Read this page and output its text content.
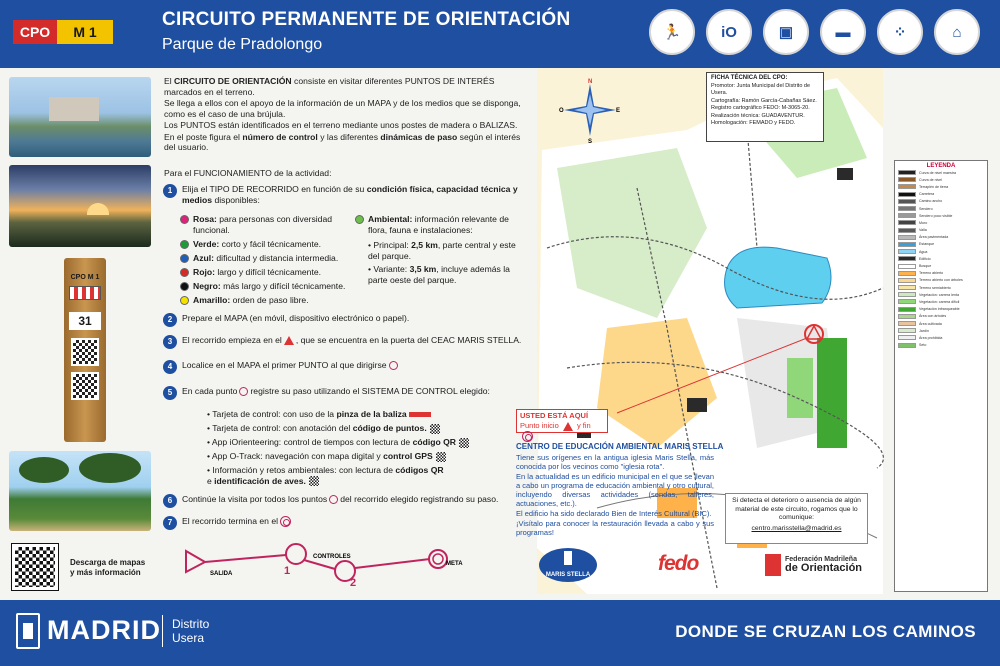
CPO	M 1
CIRCUITO PERMANENTE DE ORIENTACIÓN
Parque de Pradolongo
🏃	iO	▣	▬	⁘	⌂
CPO M 1
31

El CIRCUITO DE ORIENTACIÓN consiste en visitar diferentes PUNTOS DE INTERÉS marcados en el terreno.

Se llega a ellos con el apoyo de la información de un MAPA y de los medios que se disponga, como es el caso de una brújula.

Los PUNTOS están identificados en el terreno mediante unos postes de madera o BALIZAS.

En el poste figura el número de control y las diferentes dinámicas de paso según el interés del usuario.

Para el FUNCIONAMIENTO de la actividad:
1	Elija el TIPO DE RECORRIDO en función de su condición física, capacidad técnica y medios disponibles:
Rosa: para personas con diversidad funcional.
Verde: corto y fácil técnicamente.
Azul: dificultad y distancia intermedia.
Rojo: largo y difícil técnicamente.
Negro: más largo y difícil técnicamente.
Amarillo: orden de paso libre.
Ambiental: información relevante de flora, fauna e instalaciones:
• Principal: 2,5 km, parte central y este del parque.
• Variante: 3,5 km, incluye además la parte oeste del parque.
2	Prepare el MAPA (en móvil, dispositivo electrónico o papel).
3	El recorrido empieza en el , que se encuentra en la puerta del CEAC MARIS STELLA.
4	Localice en el MAPA el primer PUNTO al que dirigirse
5	En cada punto registre su paso utilizando el SISTEMA DE CONTROL elegido:
• Tarjeta de control: con uso de la pinza de la baliza
• Tarjeta de control: con anotación del código de puntos.
• App iOrienteering: control de tiempos con lectura de código QR
• App O-Track: navegación con mapa digital y control GPS
• Información y retos ambientales: con lectura de códigos QR e identificación de aves.
6	Continúe la visita por todos los puntos del recorrido elegido registrando su paso.
7	El recorrido termina en el
Descarga de mapas y más información	SALIDA
CONTROLES
META
1
2
N
S
E
O
FICHA TÉCNICA DEL CPO:
Promotor: Junta Municipal del Distrito de Usera.
Cartografía: Ramón García-Cabañas Sáez.
Registro cartográfico FEDO: M-3065-20.
Realización técnica: GUADAVENTUR.
Homologación: FEMADO y FEDO.
LEYENDA
Curva de nivel maestra
Curva de nivel
Terraplén de tierra
Carretera
Camino ancho
Sendero
Sendero poco visible
Muro
Valla
Área pavimentada
Estanque
Agua
Edificio
Bosque
Terreno abierto
Terreno abierto con árboles
Terreno semiabierto
Vegetación: carrera lenta
Vegetación: carrera difícil
Vegetación infranqueable
Área con árboles
Área cultivada
Jardín
Área prohibida
Seto
USTED ESTÁ AQUÍ
Punto inicio y fin
CENTRO DE EDUCACIÓN AMBIENTAL MARIS STELLA

Tiene sus orígenes en la antigua iglesia Maris Stella, más conocida por los vecinos como "iglesia rota".

En la actualidad es un edificio municipal en el que se llevan a cabo un programa de educación ambiental y otro cultural, incluyendo diversas actividades (sendas, talleres, actuaciones, etc.).

El edificio ha sido declarado Bien de Interés Cultural (BIC).

¡Visítalo para conocer la restauración llevada a cabo y sus programas!

Si detecta el deterioro o ausencia de algún material de este circuito, rogamos que lo comunique:
centro.marisstella@madrid.es
MARIS STELLA	fedo	Federación Madrileña
de Orientación
MADRID Distrito
Usera	DONDE SE CRUZAN LOS CAMINOS
